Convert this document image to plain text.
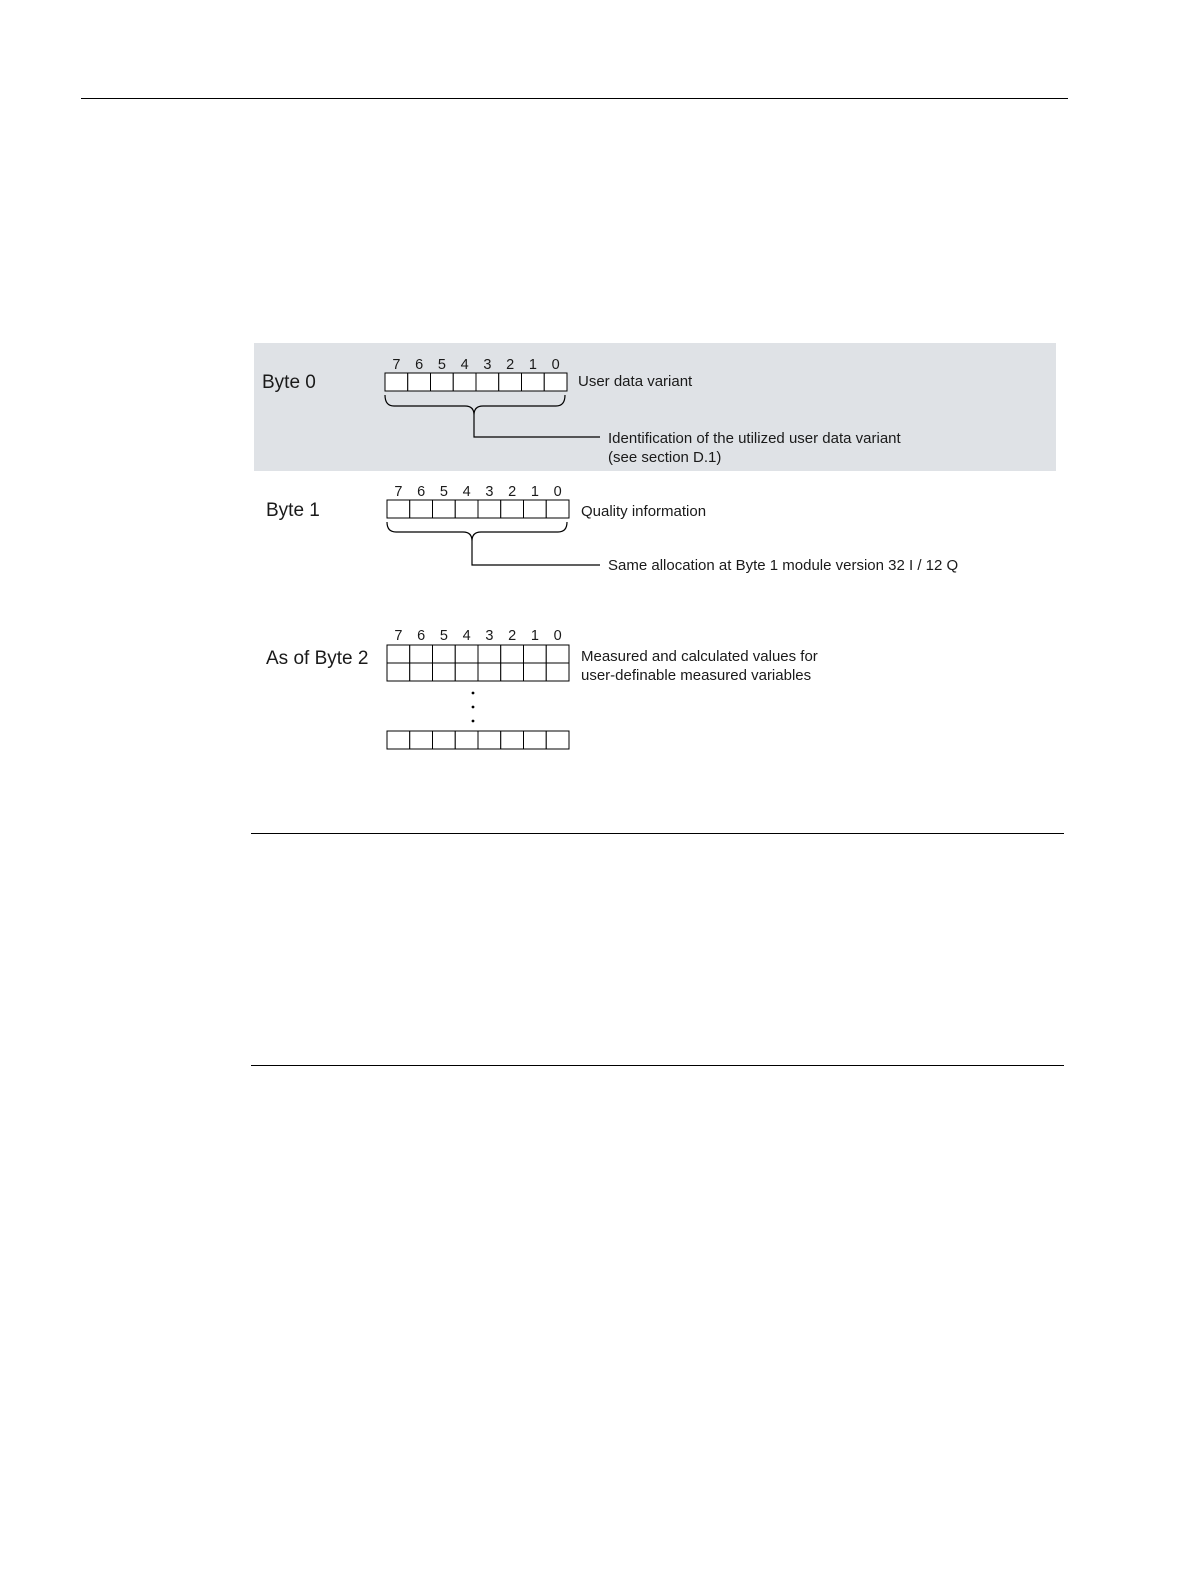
Byte 0
7 6 5 4 3 2 1 0
User data variant
Identification of the utilized user data variant
(see section D.1)
Byte 1
7 6 5 4 3 2 1 0
Quality information
Same allocation at Byte 1 module version 32 I / 12 Q
As of Byte 2
7 6 5 4 3 2 1 0
Measured and calculated values for
user-definable measured variables
